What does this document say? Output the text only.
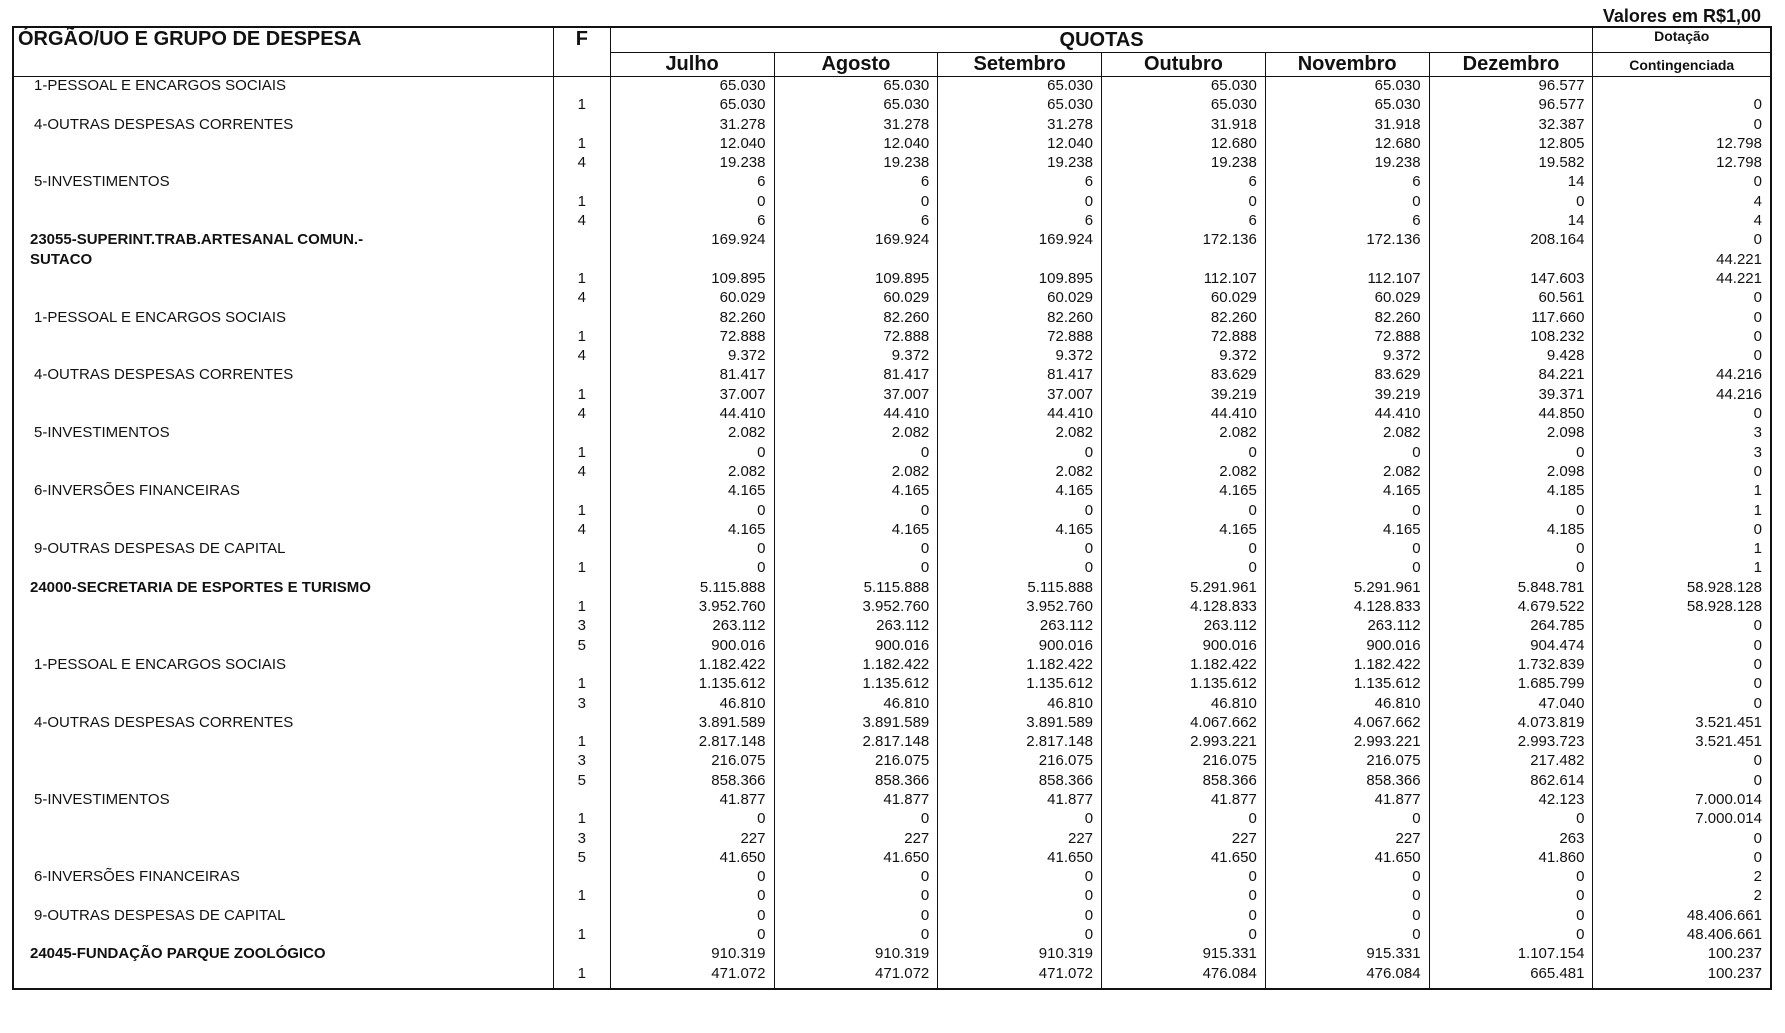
Valores em R$1,00
ÓRGÃO/UO E GRUPO DE DESPESA	F	QUOTAS						Dotação
		Julho	Agosto	Setembro	Outubro	Novembro	Dezembro	Contingenciada
1-PESSOAL E ENCARGOS SOCIAIS		65.030	65.030	65.030	65.030	65.030	96.577	
	1	65.030	65.030	65.030	65.030	65.030	96.577	0
4-OUTRAS DESPESAS CORRENTES		31.278	31.278	31.278	31.918	31.918	32.387	0
	1	12.040	12.040	12.040	12.680	12.680	12.805	12.798
	4	19.238	19.238	19.238	19.238	19.238	19.582	12.798
5-INVESTIMENTOS		6	6	6	6	6	14	0
	1	0	0	0	0	0	0	4
	4	6	6	6	6	6	14	4
23055-SUPERINT.TRAB.ARTESANAL COMUN.-		169.924	169.924	169.924	172.136	172.136	208.164	0
SUTACO								44.221
	1	109.895	109.895	109.895	112.107	112.107	147.603	44.221
	4	60.029	60.029	60.029	60.029	60.029	60.561	0
1-PESSOAL E ENCARGOS SOCIAIS		82.260	82.260	82.260	82.260	82.260	117.660	0
	1	72.888	72.888	72.888	72.888	72.888	108.232	0
	4	9.372	9.372	9.372	9.372	9.372	9.428	0
4-OUTRAS DESPESAS CORRENTES		81.417	81.417	81.417	83.629	83.629	84.221	44.216
	1	37.007	37.007	37.007	39.219	39.219	39.371	44.216
	4	44.410	44.410	44.410	44.410	44.410	44.850	0
5-INVESTIMENTOS		2.082	2.082	2.082	2.082	2.082	2.098	3
	1	0	0	0	0	0	0	3
	4	2.082	2.082	2.082	2.082	2.082	2.098	0
6-INVERSÕES FINANCEIRAS		4.165	4.165	4.165	4.165	4.165	4.185	1
	1	0	0	0	0	0	0	1
	4	4.165	4.165	4.165	4.165	4.165	4.185	0
9-OUTRAS DESPESAS DE CAPITAL		0	0	0	0	0	0	1
	1	0	0	0	0	0	0	1
24000-SECRETARIA DE ESPORTES E TURISMO		5.115.888	5.115.888	5.115.888	5.291.961	5.291.961	5.848.781	58.928.128
	1	3.952.760	3.952.760	3.952.760	4.128.833	4.128.833	4.679.522	58.928.128
	3	263.112	263.112	263.112	263.112	263.112	264.785	0
	5	900.016	900.016	900.016	900.016	900.016	904.474	0
1-PESSOAL E ENCARGOS SOCIAIS		1.182.422	1.182.422	1.182.422	1.182.422	1.182.422	1.732.839	0
	1	1.135.612	1.135.612	1.135.612	1.135.612	1.135.612	1.685.799	0
	3	46.810	46.810	46.810	46.810	46.810	47.040	0
4-OUTRAS DESPESAS CORRENTES		3.891.589	3.891.589	3.891.589	4.067.662	4.067.662	4.073.819	3.521.451
	1	2.817.148	2.817.148	2.817.148	2.993.221	2.993.221	2.993.723	3.521.451
	3	216.075	216.075	216.075	216.075	216.075	217.482	0
	5	858.366	858.366	858.366	858.366	858.366	862.614	0
5-INVESTIMENTOS		41.877	41.877	41.877	41.877	41.877	42.123	7.000.014
	1	0	0	0	0	0	0	7.000.014
	3	227	227	227	227	227	263	0
	5	41.650	41.650	41.650	41.650	41.650	41.860	0
6-INVERSÕES FINANCEIRAS		0	0	0	0	0	0	2
	1	0	0	0	0	0	0	2
9-OUTRAS DESPESAS DE CAPITAL		0	0	0	0	0	0	48.406.661
	1	0	0	0	0	0	0	48.406.661
24045-FUNDAÇÃO PARQUE ZOOLÓGICO		910.319	910.319	910.319	915.331	915.331	1.107.154	100.237
	1	471.072	471.072	471.072	476.084	476.084	665.481	100.237
